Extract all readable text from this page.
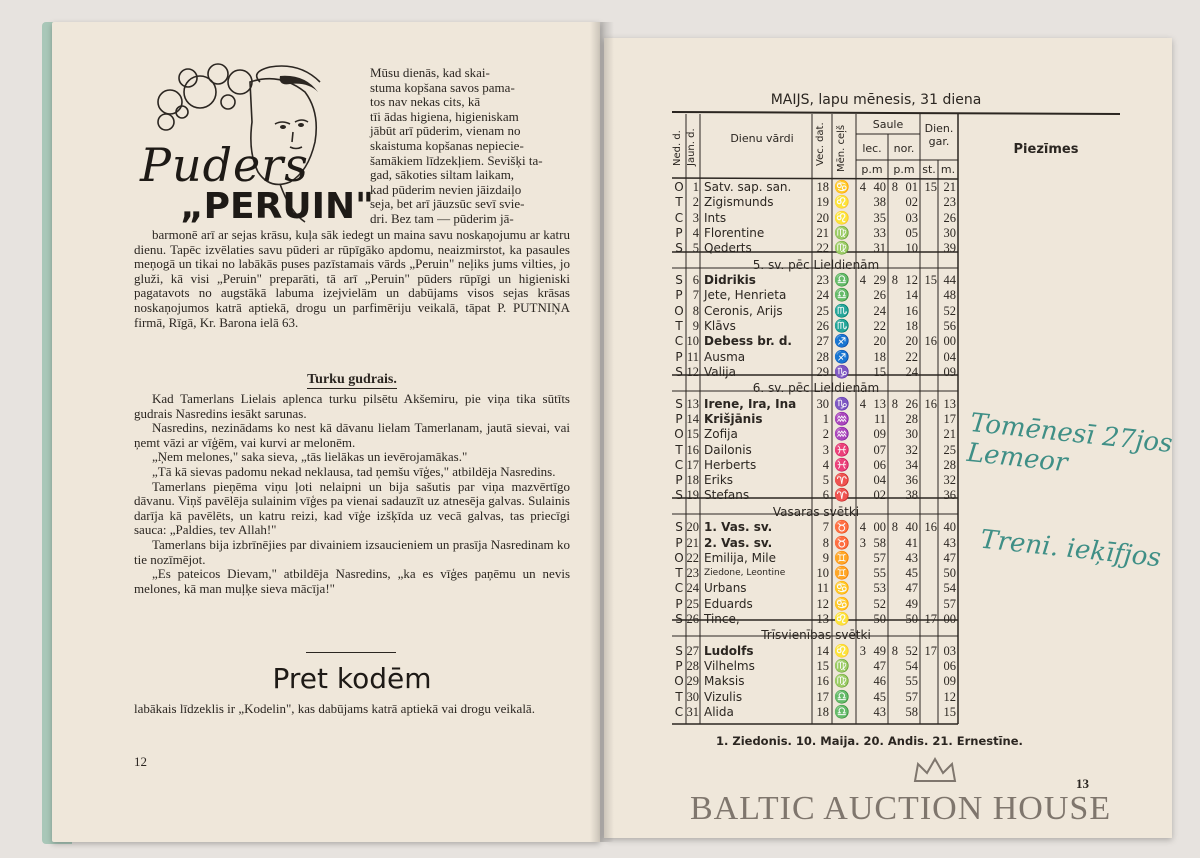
Puders
„PERUIN"
Mūsu dienās, kad skai-
stuma kopšana savos pama-
tos nav nekas cits, kā
tīi ādas higiena, higieniskam
jābūt arī pūderim, vienam no
skaistuma kopšanas nepiecie-
šamākiem līdzekļiem. Sevišķi ta-
gad, sākoties siltam laikam,
kad pūderim nevien jāizdaiļo
seja, bet arī jāuzsūc sevī svie-
dri. Bez tam — pūderim jā-

barmonē arī ar sejas krāsu, kuļa sāk iedegt un maina savu noskaņojumu ar katru dienu. Tapēc izvēlaties savu pūderi ar rūpīgāko apdomu, neaizmirstot, ka pasaules meņogā un tikai no labākās puses pazīstamais vārds „Peruin" neļiks jums vilties, jo gluži, kā visi „Peruin" preparāti, tā arī „Peruin" pūders rūpīgi un higieniski pagatavots no augstākā labuma izejvielām un dabūjams visos sejas krāsas noskaņojumos katrā aptiekā, drogu un parfimēriju veikalā, tāpat P. PUTNIŅA firmā, Rīgā, Kr. Barona ielā 63.

Turku gudrais.

Kad Tamerlans Lielais aplenca turku pilsētu Akšemiru, pie viņa tika sūtīts gudrais Nasredins iesākt sarunas.

Nasredins, nezinādams ko nest kā dāvanu lielam Tamerlanam, jautā sievai, vai ņemt vāzi ar vīģēm, vai kurvi ar melonēm.

„Ņem melones," saka sieva, „tās lielākas un ievērojamākas."

„Tā kā sievas padomu nekad neklausa, tad ņemšu vīģes," atbildēja Nasredins.

Tamerlans pieņēma viņu ļoti nelaipni un bija sašutis par viņa mazvērtīgo dāvanu. Viņš pavēlēja sulainim vīģes pa vienai sadauzīt uz atnesēja galvas. Sulainis darīja kā pavēlēts, un katru reizi, kad vīģe izšķīda uz vecā galvas, tas priecīgi sauca: „Paldies, tev Allah!"

Tamerlans bija izbrīnējies par divainiem izsaucieniem un prasīja Nasredinam ko tie nozīmējot.

„Es pateicos Dievam," atbildēja Nasredins, „ka es vīģes paņēmu un nevis melones, kā man muļķe sieva mācīja!"

Pret kodēm

labākais līdzeklis ir „Kodelin", kas dabūjams katrā aptiekā vai drogu veikalā.

12
MAIJS, lapu mēnesis, 31 diena
Ned. d. Jaun. d.	Dienu vārdi	Vec. dat. Mēn. ceļš
Saule
lec.	nor.
p.m p.m
Dien. gar.
st. m.
Piezīmes
O 1 Satv. sap. san.	18 ♋ 4 40 8 01 15 21
T 2 Zigismunds	19 ♌	38	02	23
C 3 Ints	20 ♌	35	03	26
P 4 Florentine	21 ♍	33	05	30
S 5 Qederts	22 ♍	31	10	39
5. sv. pēc Lieldienām
S 6 Didrikis	23 ♎ 4 29 8 12 15 44
P 7 Jete, Henrieta	24 ♎	26	14	48
O 8 Ceronis, Arijs	25 ♏	24	16	52
T 9 Klāvs	26 ♏	22	18	56
C 10 Debess br. d.	27 ♐	20	20 16 00
P 11 Ausma	28 ♐	18	22	04
S 12 Valija	29 ♑	15	24	09
6. sv. pēc Lieldienām
S 13 Irene, Ira, Ina	30 ♑ 4 13 8 26 16 13
P 14 Krišjānis	1 ♒	11	28	17
O 15 Zofija	2 ♒	09	30	21
T 16 Dailonis	3 ♓	07	32	25
C 17 Herberts	4 ♓	06	34	28
P 18 Eriks	5 ♈	04	36	32
S 19 Stefans	6 ♈	02	38	36
Vasaras svētki
S 20 1. Vas. sv.	7 ♉ 4 00 8 40 16 40
P 21 2. Vas. sv.	8 ♉ 3 58	41	43
O 22 Emilija, Mile	9 ♊	57	43	47
T 23 Ziedone, Leontine	10 ♊	55	45	50
C 24 Urbans	11 ♋	53	47	54
P 25 Eduards	12 ♋	52	49	57
S 26 Tince,	13 ♌	50	50 17 00
Trīsvienības svētki
S 27 Ludolfs	14 ♌ 3 49 8 52 17 03
P 28 Vilhelms	15 ♍	47	54	06
O 29 Maksis	16 ♍	46	55	09
T 30 Vizulis	17 ♎	45	57	12
C 31 Alida	18 ♎	43	58	15
1. Ziedonis. 10. Maija. 20. Andis. 21. Ernestīne.
Tomēnesī 27jos Lemeor
Treni. ieķīfjos
13
BALTIC AUCTION HOUSE
